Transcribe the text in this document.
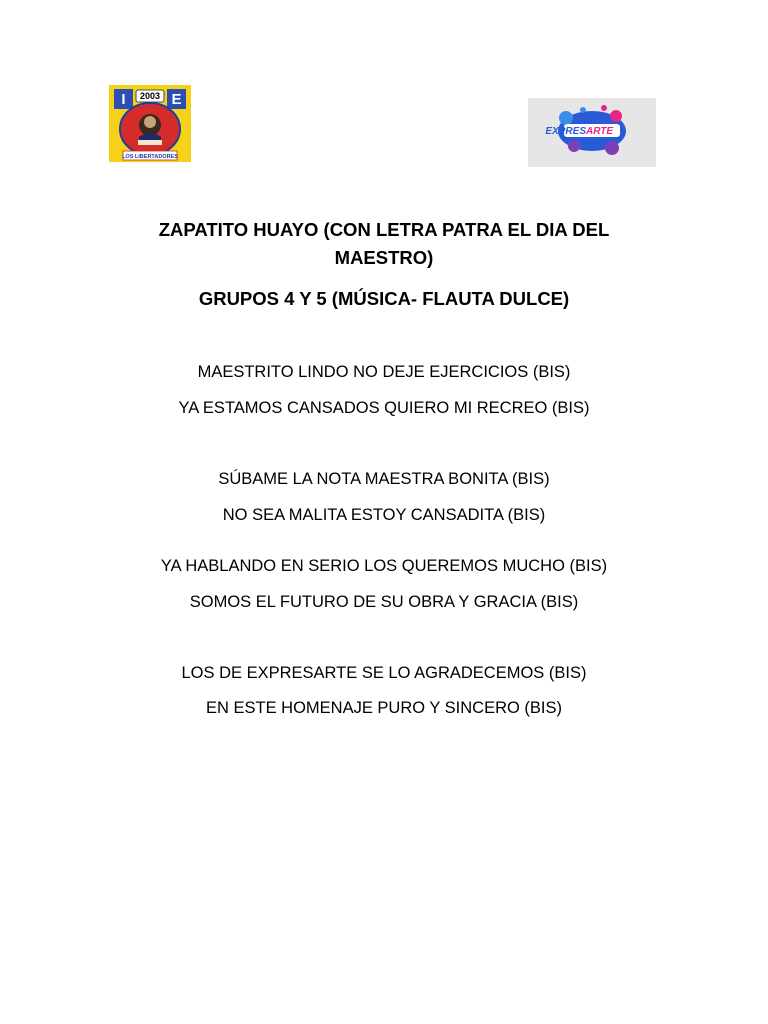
I	E
2003
LOS LIBERTADORES
EXPRES ARTE
ZAPATITO HUAYO (CON LETRA PATRA EL DIA DEL
MAESTRO)
GRUPOS 4 Y 5 (MÚSICA- FLAUTA DULCE)
MAESTRITO LINDO NO DEJE EJERCICIOS (BIS)
YA ESTAMOS CANSADOS QUIERO MI RECREO (BIS)
SÚBAME LA NOTA MAESTRA BONITA (BIS)
NO SEA MALITA ESTOY CANSADITA (BIS)
YA HABLANDO EN SERIO LOS QUEREMOS MUCHO (BIS)
SOMOS EL FUTURO DE SU OBRA Y GRACIA (BIS)
LOS DE EXPRESARTE SE LO AGRADECEMOS (BIS)
EN ESTE HOMENAJE PURO Y SINCERO (BIS)
